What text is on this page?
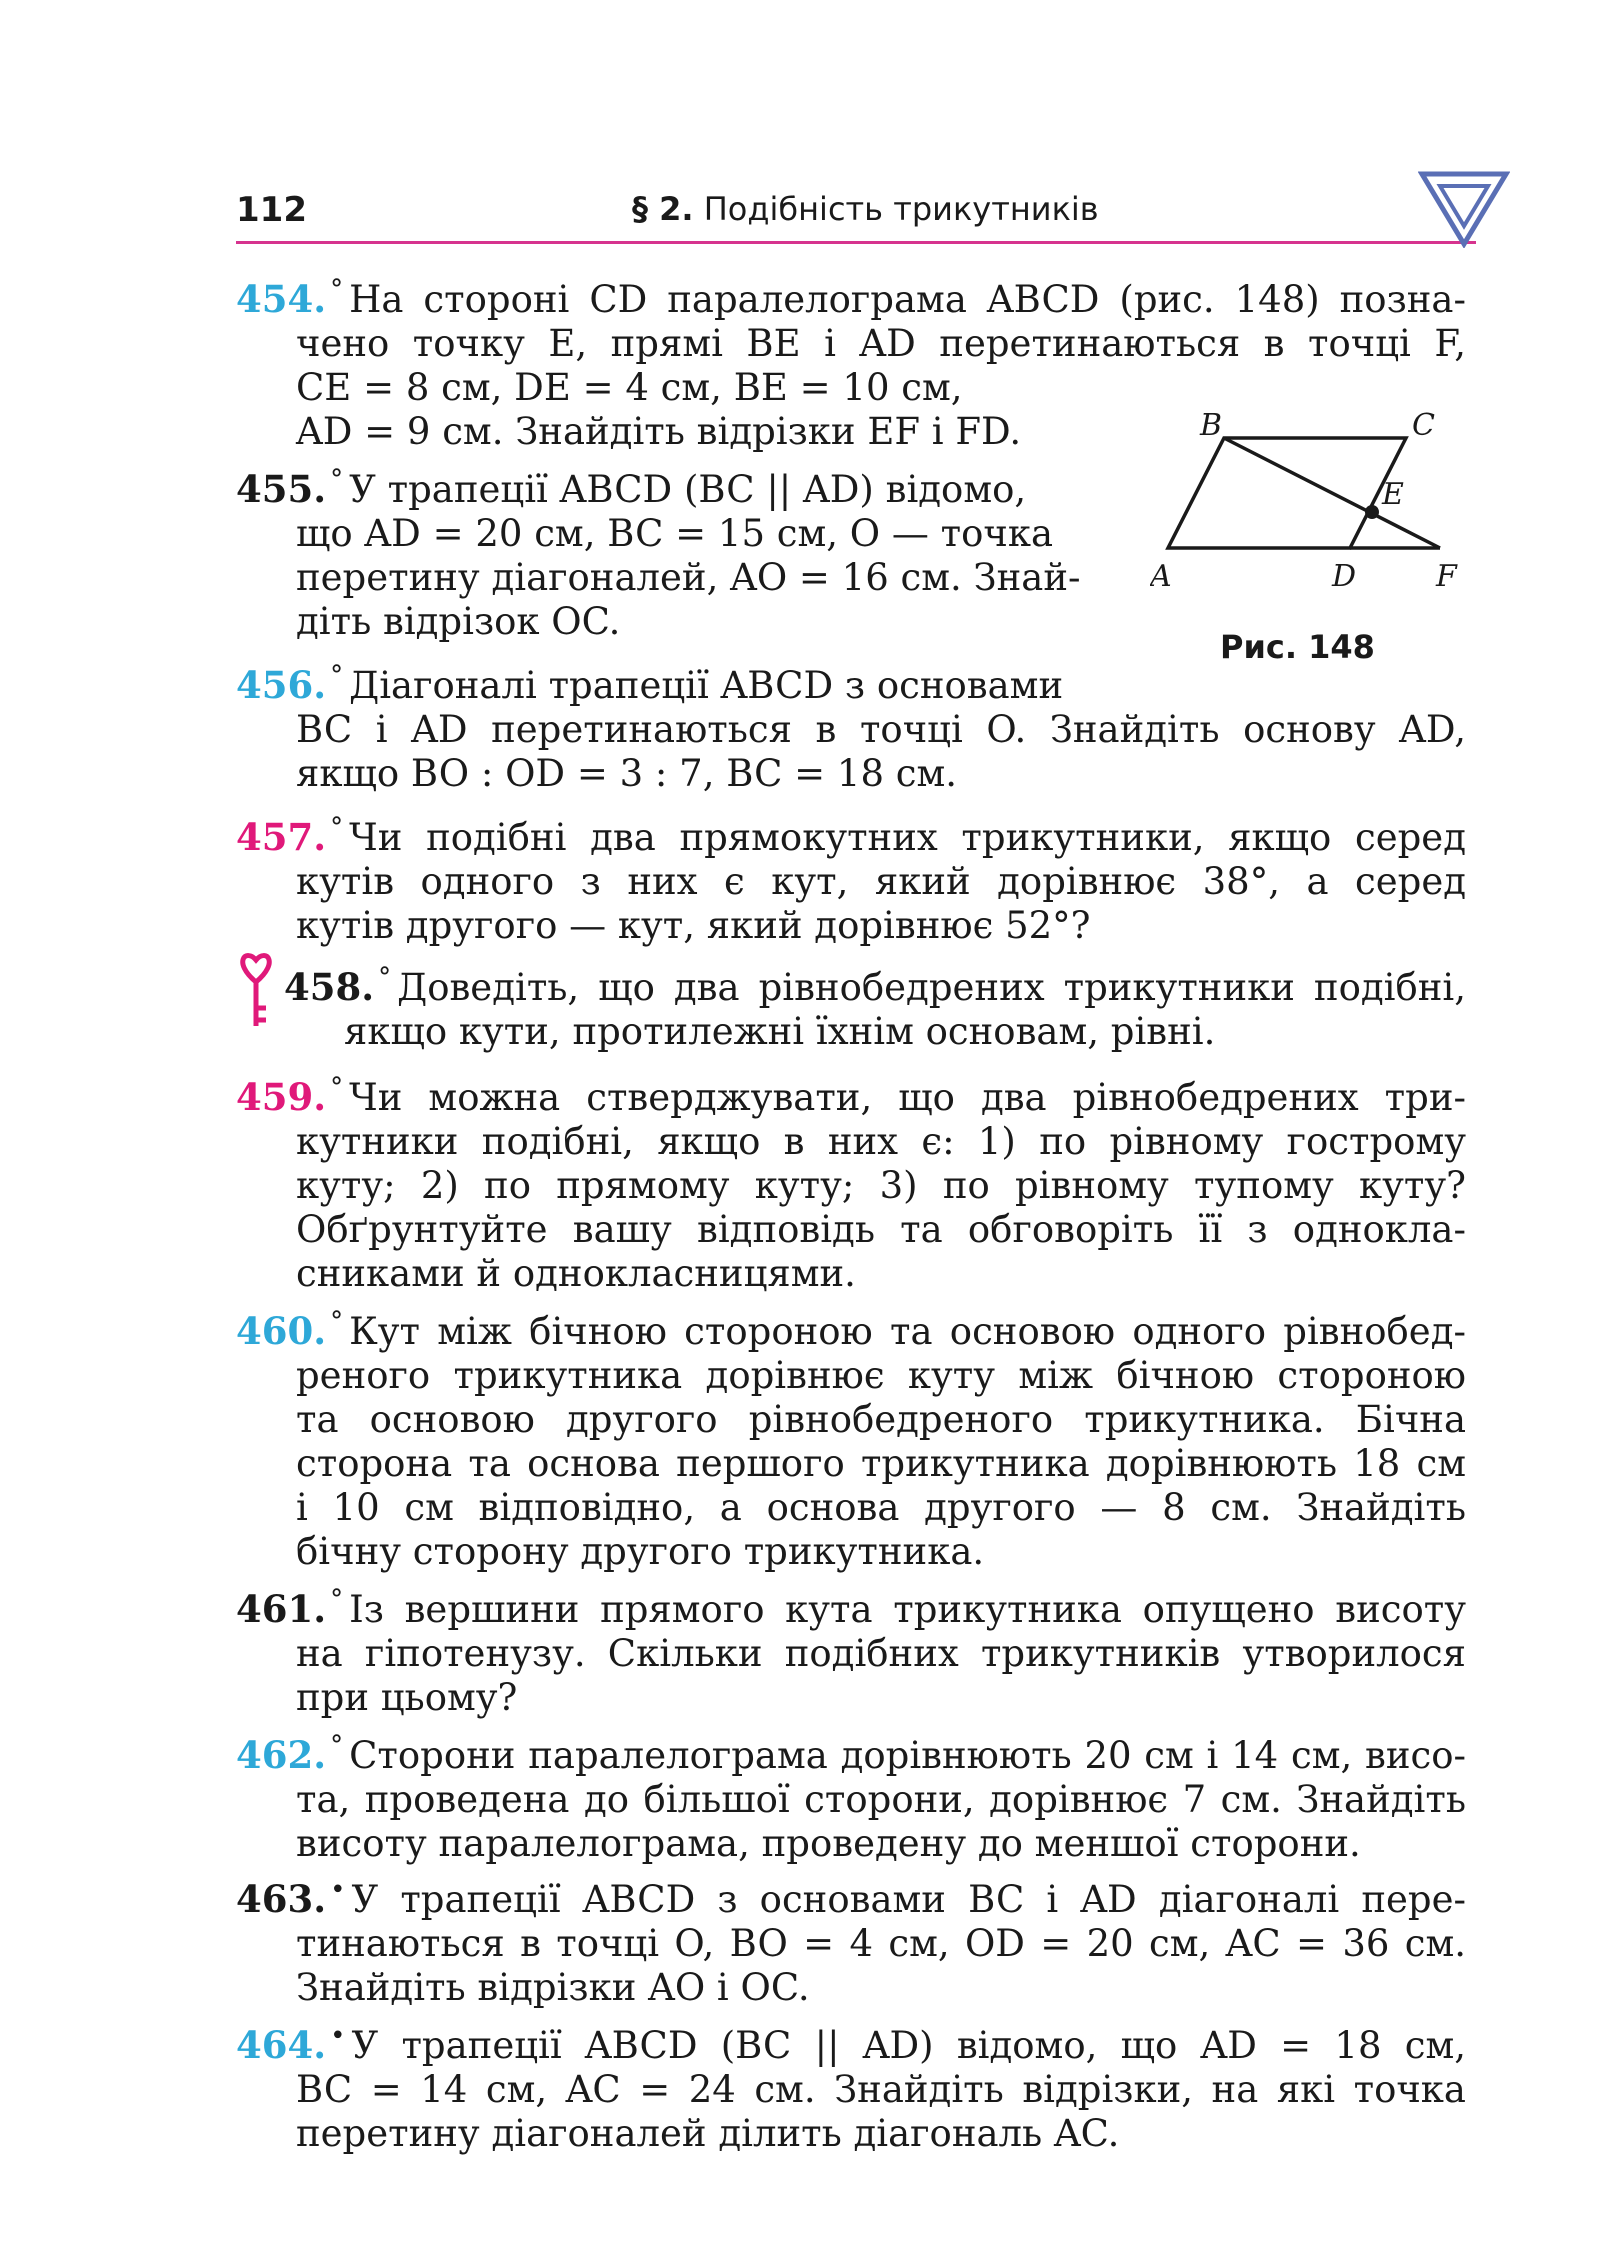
112	§ 2. Подібність трикутників
B	C
E
A	D	F
Рис. 148
454. ° На стороні CD паралелограма ABCD (рис. 148) позна-
чено точку E, прямі BE і AD перетинаються в точці F,
CE = 8 см, DE = 4 см, BE = 10 см,
AD = 9 см. Знайдіть відрізки EF і FD.
455. ° У трапеції ABCD (BC || AD) відомо,
що AD = 20 см, BC = 15 см, O — точка
перетину діагоналей, AO = 16 см. Знай-
діть відрізок OC.
456. ° Діагоналі трапеції ABCD з основами
BC і AD перетинаються в точці O. Знайдіть основу AD,
якщо BO : OD = 3 : 7, BC = 18 см.
457. ° Чи подібні два прямокутних трикутники, якщо серед
кутів одного з них є кут, який дорівнює 38°, а серед
кутів другого — кут, який дорівнює 52°?
458. ° Доведіть, що два рівнобедрених трикутники подібні,
якщо кути, протилежні їхнім основам, рівні.
459. ° Чи можна стверджувати, що два рівнобедрених три-
кутники подібні, якщо в них є: 1) по рівному гострому
куту; 2) по прямому куту; 3) по рівному тупому куту?
Обґрунтуйте вашу відповідь та обговоріть її з однокла-
сниками й однокласницями.
460. ° Кут між бічною стороною та основою одного рівнобед-
реного трикутника дорівнює куту між бічною стороною
та основою другого рівнобедреного трикутника. Бічна
сторона та основа першого трикутника дорівнюють 18 см
і 10 см відповідно, а основа другого — 8 см. Знайдіть
бічну сторону другого трикутника.
461. ° Із вершини прямого кута трикутника опущено висоту
на гіпотенузу. Скільки подібних трикутників утворилося
при цьому?
462. ° Сторони паралелограма дорівнюють 20 см і 14 см, висо-
та, проведена до більшої сторони, дорівнює 7 см. Знайдіть
висоту паралелограма, проведену до меншої сторони.
463. • У трапеції ABCD з основами BC і AD діагоналі пере-
тинаються в точці O, BO = 4 см, OD = 20 см, AC = 36 см.
Знайдіть відрізки AO і OC.
464. • У трапеції ABCD (BC || AD) відомо, що AD = 18 см,
BC = 14 см, AC = 24 см. Знайдіть відрізки, на які точка
перетину діагоналей ділить діагональ AC.
